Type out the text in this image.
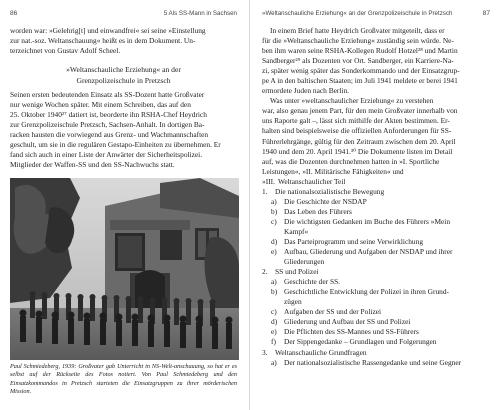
86	5 Als SS-Mann in Sachsen

worden war: »Gelehrig[t] und einwandfrei« sei seine »Einstellung

zur nat.-soz. Weltanschauung« heißt es in dem Dokument. Un-

terzeichnet von Gustav Adolf Scheel.

»Weltanschauliche Erziehung« an der
Grenzpolizeischule in Pretzsch

Seinen ersten bedeutenden Einsatz als SS-Dozent hatte Großvater

nur wenige Wochen später. Mit einem Schreiben, das auf den

25. Oktober 1940²⁷ datiert ist, beorderte ihn RSHA-Chef Heydrich

zur Grenzpolizeischule Pretzsch, Sachsen-Anhalt. In dortigen Ba-

racken hausten die vorwiegend aus Grenz- und Wachmannschaften

geschult, um sie in die regulären Gestapo-Einheiten zu übernehmen. Er

fand sich auch in einer Liste der Anwärter der Sicherheitspolizei.

Mitglieder der Waffen-SS und den SS-Nachwuchs statt.

Paul Schmiedeberg, 1939: Großvater gab Unterricht in NS-Welt-anschauung, so hat er es selbst auf der Rückseite des Fotos notiert. Von Paul Schmiedeberg und den Einsatzkommandos in Pretzsch starteten die Einsatzgruppen zu ihrer mörderischen Mission.
»Weltanschauliche Erziehung« an der Grenzpolizeischule in Pretzsch	87

In einem Brief hatte Heydrich Großvater mitgeteilt, dass er

für die »Weltanschauliche Erziehung« zuständig sein würde. Ne-

ben ihm waren seine RSHA-Kollegen Rudolf Hotzel²⁸ und Martin

Sandberger²⁹ als Dozenten vor Ort. Sandberger, ein Karriere-Na-

zi, später wenig später das Sonderkommando und der Einsatzgrup-

pe A in den baltischen Staaten; im Juli 1941 meldete er berei 1941

ermordete Juden nach Berlin.

Was unter »weltanschaulicher Erziehung« zu verstehen

war, also genau jenem Part, für den mein Großvater innerhalb von

uns Raporte galt –, lässt sich mithilfe der Akten bestimmen. Er-

halten sind beispielsweise die offiziellen Anforderungen für SS-

Führerlehrgänge, gültig für den Zeitraum zwischen dem 20. April

1940 und dem 20. April 1941.³⁰ Die Dokumente listen im Detail

auf, was die Dozenten durchnehmen hatten in »I. Sportliche

Leistungen«, »II. Militärische Fähigkeiten« und

»III. Weltanschaulicher Teil
1.	Die nationalsozialistische Bewegung
a) Die Geschichte der NSDAP
b) Das Leben des Führers
c) Die wichtigsten Gedanken im Buche des Führers »Mein
Kampf«
d) Das Parteiprogramm und seine Verwirklichung
e) Aufbau, Gliederung und Aufgaben der NSDAP und ihrer
Gliederungen
2.	SS und Polizei
a) Geschichte der SS.
b) Geschichtliche Entwicklung der Polizei in ihren Grund-
zügen
c) Aufgaben der SS und der Polizei
d) Gliederung und Aufbau der SS und Polizei
e) Die Pflichten des SS-Mannes und SS-Führers
f)	Der Sippengedanke – Grundlagen und Folgerungen
3.	Weltanschauliche Grundfragen
a) Der nationalsozialistische Rassengedanke und seine Gegner
